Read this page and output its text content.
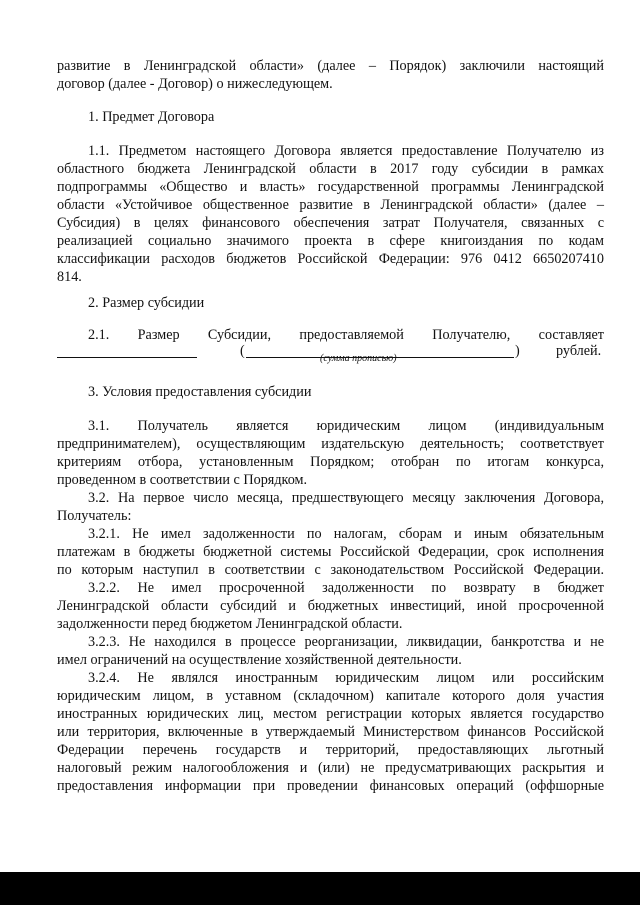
развитие в Ленинградской области» (далее – Порядок) заключили настоящий
договор (далее - Договор) о нижеследующем.
1. Предмет Договора
1.1. Предметом настоящего Договора является предоставление Получателю из
областного бюджета Ленинградской области в 2017 году субсидии в рамках
подпрограммы «Общество и власть» государственной программы Ленинградской
области «Устойчивое общественное развитие в Ленинградской области» (далее –
Субсидия) в целях финансового обеспечения затрат Получателя, связанных с
реализацией социально значимого проекта в сфере книгоиздания по кодам
классификации расходов бюджетов Российской Федерации: 976 0412 6650207410
814.
2. Размер субсидии
2.1. Размер Субсидии, предоставляемой Получателю, составляет
(	)	рублей.
(сумма прописью)
3. Условия предоставления субсидии
3.1. Получатель является юридическим лицом (индивидуальным
предпринимателем), осуществляющим издательскую деятельность; соответствует
критериям отбора, установленным Порядком; отобран по итогам конкурса,
проведенном в соответствии с Порядком.
3.2. На первое число месяца, предшествующего месяцу заключения Договора,
Получатель:
3.2.1. Не имел задолженности по налогам, сборам и иным обязательным
платежам в бюджеты бюджетной системы Российской Федерации, срок исполнения
по которым наступил в соответствии с законодательством Российской Федерации.
3.2.2. Не имел просроченной задолженности по возврату в бюджет
Ленинградской области субсидий и бюджетных инвестиций, иной просроченной
задолженности перед бюджетом Ленинградской области.
3.2.3. Не находился в процессе реорганизации, ликвидации, банкротства и не
имел ограничений на осуществление хозяйственной деятельности.
3.2.4. Не являлся иностранным юридическим лицом или российским
юридическим лицом, в уставном (складочном) капитале которого доля участия
иностранных юридических лиц, местом регистрации которых является государство
или территория, включенные в утверждаемый Министерством финансов Российской
Федерации перечень государств и территорий, предоставляющих льготный
налоговый режим налогообложения и (или) не предусматривающих раскрытия и
предоставления информации при проведении финансовых операций (оффшорные
